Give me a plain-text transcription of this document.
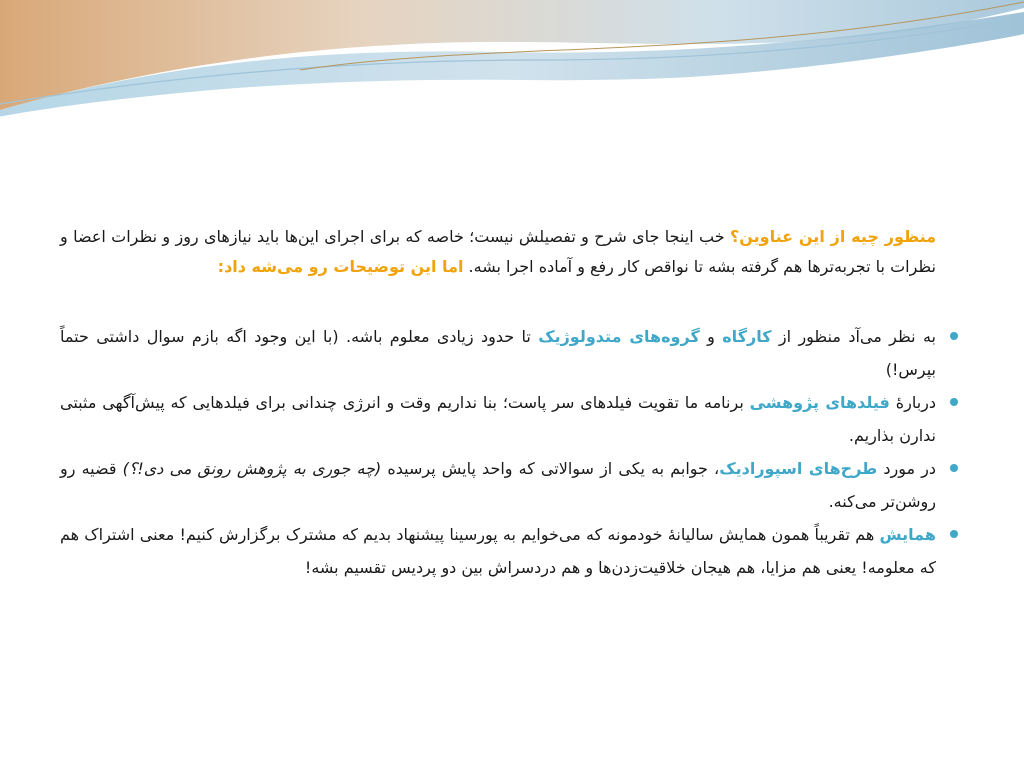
منظور چیه از این عناوین؟ خب اینجا جای شرح و تفصیلش نیست؛ خاصه که برای اجرای این‌ها باید نیازهای روز و نظرات اعضا و نظرات با تجربه‌ترها هم گرفته بشه تا نواقص کار رفع و آماده اجرا بشه. اما این توضیحات رو می‌شه داد:

به نظر می‌آد منظور از کارگاه و گروه‌های متدولوژیک تا حدود زیادی معلوم باشه. (با این وجود اگه بازم سوال داشتی حتماً بپرس!)
دربارۀ فیلدهای پژوهشی برنامه ما تقویت فیلدهای سر پاست؛ بنا نداریم وقت و انرژی چندانی برای فیلدهایی که پیش‌آگهی مثبتی ندارن بذاریم.
در مورد طرح‌های اسپورادیک، جوابم به یکی از سوالاتی که واحد پایش پرسیده (چه جوری به پژوهش رونق می دی!؟) قضیه رو روشن‌تر می‌کنه.
همایش هم تقریباً همون همایش سالیانۀ خودمونه که می‌خوایم به پورسینا پیشنهاد بدیم که مشترک برگزارش کنیم! معنی اشتراک هم که معلومه! یعنی هم مزایا، هم هیجان خلاقیت‌زدن‌ها و هم دردسراش بین دو پردیس تقسیم بشه!
